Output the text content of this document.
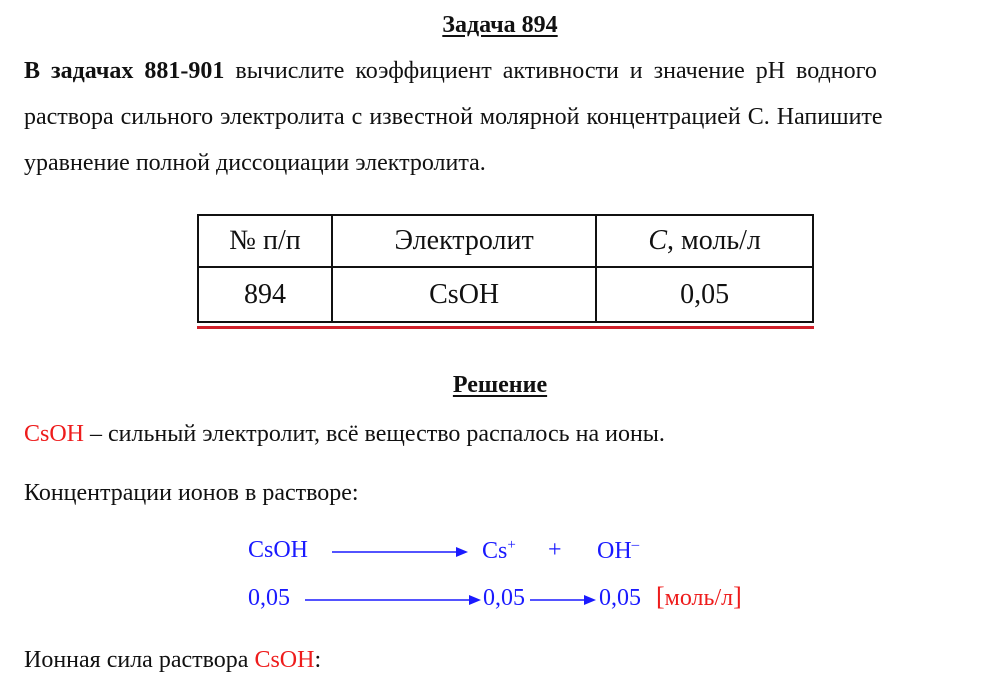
Задача 894
В задачах 881-901 вычислите коэффициент активности и значение pH водного
раствора сильного электролита с известной молярной концентрацией С. Напишите
уравнение полной диссоциации электролита.
№ п/п	Электролит	C, моль/л
894	CsOH	0,05
Решение
CsOH – сильный электролит, всё вещество распалось на ионы.
Концентрации ионов в растворе:
CsOH	Cs+ + OH–
0,05	0,05	0,05 [моль/л]
Ионная сила раствора CsOH:
